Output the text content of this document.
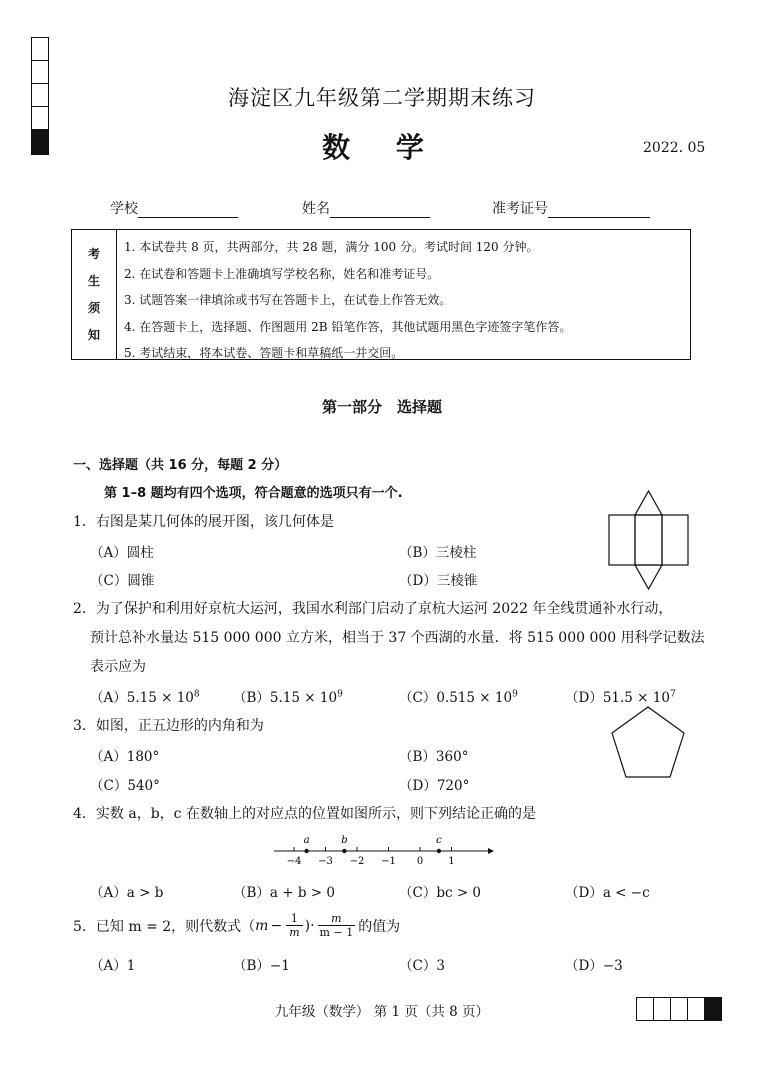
海淀区九年级第二学期期末练习
数 学	2022. 05
学校	姓名	准考证号
考
生
须
知
1. 本试卷共 8 页，共两部分，共 28 题，满分 100 分。考试时间 120 分钟。
2. 在试卷和答题卡上准确填写学校名称，姓名和准考证号。
3. 试题答案一律填涂或书写在答题卡上，在试卷上作答无效。
4. 在答题卡上，选择题、作图题用 2B 铅笔作答，其他试题用黑色字迹签字笔作答。
5. 考试结束，将本试卷、答题卡和草稿纸一并交回。
第一部分　选择题
一、选择题（共 16 分，每题 2 分）
第 1–8 题均有四个选项，符合题意的选项只有一个.
1．右图是某几何体的展开图，该几何体是
（A）圆柱	（B）三棱柱
（C）圆锥	（D）三棱锥
2．为了保护和利用好京杭大运河，我国水利部门启动了京杭大运河 2022 年全线贯通补水行动，
预计总补水量达 515 000 000 立方米，相当于 37 个西湖的水量．将 515 000 000 用科学记数法
表示应为
$(A)5.15 \times 10^8$ $(B)5.15 \times 10^9$	$(C)0.515 \times 10^9$	$(D)51.5 \times 10^7$
3．如图，正五边形的内角和为
（A）180°	（B）360°
（C）540°	（D）720°
4．实数 a，b，c 在数轴上的对应点的位置如图所示，则下列结论正确的是
−4 −3 −2 −1 0	1
a	b	c
（A）a > b	（B）a + b > 0	（C）bc > 0	（D）a < −c
5．已知 m = 2，则代数式（ $m - \frac{1}{m}$ )· m
m − 1 的值为
（A）1	（B）−1	（C）3	（D）−3
九年级（数学） 第 1 页（共 8 页）
